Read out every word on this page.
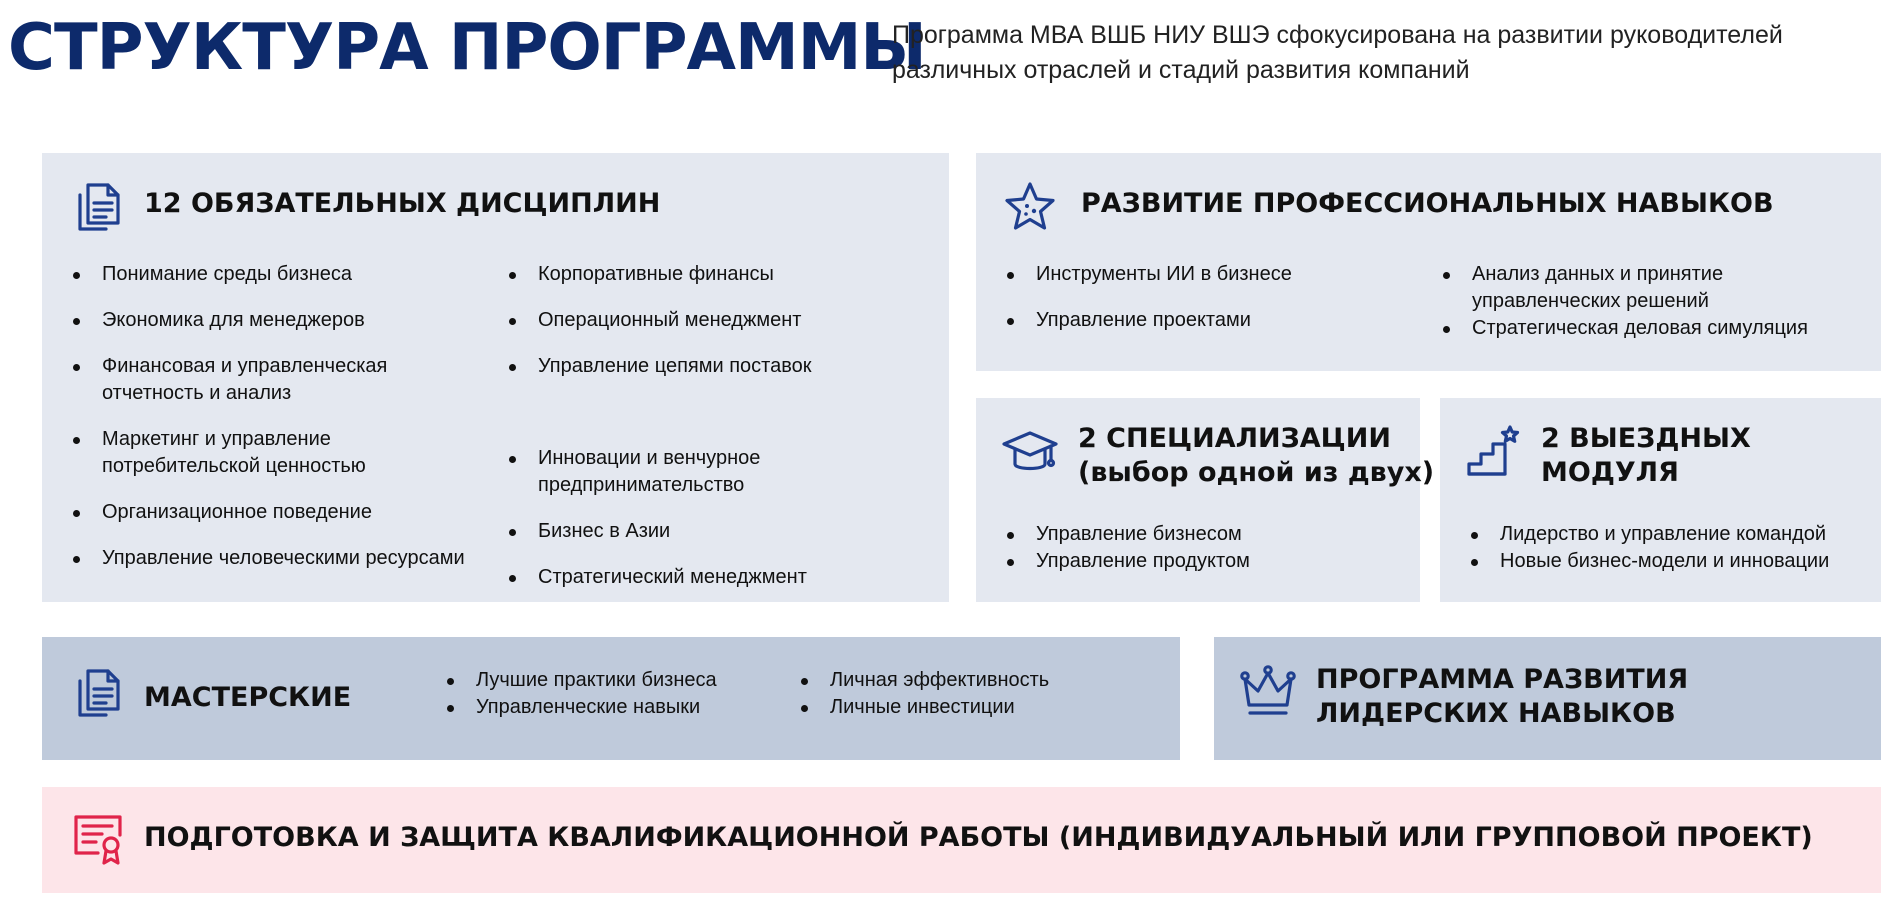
СТРУКТУРА ПРОГРАММЫ
Программа МВА ВШБ НИУ ВШЭ сфокусирована на развитии руководителей различных отраслей и стадий развития компаний
12 ОБЯЗАТЕЛЬНЫХ ДИСЦИПЛИН
Понимание среды бизнеса
Экономика для менеджеров
Финансовая и управленческая отчетность и анализ
Маркетинг и управление потребительской ценностью
Организационное поведение
Управление человеческими ресурсами
Корпоративные финансы
Операционный менеджмент
Управление цепями поставок
Инновации и венчурное предпринимательство
Бизнес в Азии
Стратегический менеджмент
РАЗВИТИЕ ПРОФЕССИОНАЛЬНЫХ НАВЫКОВ
Инструменты ИИ в бизнесе
Управление проектами
Анализ данных и принятие управленческих решений
Стратегическая деловая симуляция
2 СПЕЦИАЛИЗАЦИИ
(выбор одной из двух)
Управление бизнесом
Управление продуктом
2 ВЫЕЗДНЫХ
МОДУЛЯ
Лидерство и управление командой
Новые бизнес-модели и инновации
МАСТЕРСКИЕ
Лучшие практики бизнеса
Управленческие навыки
Личная эффективность
Личные инвестиции
ПРОГРАММА РАЗВИТИЯ
ЛИДЕРСКИХ НАВЫКОВ
ПОДГОТОВКА И ЗАЩИТА КВАЛИФИКАЦИОННОЙ РАБОТЫ (ИНДИВИДУАЛЬНЫЙ ИЛИ ГРУППОВОЙ ПРОЕКТ)
